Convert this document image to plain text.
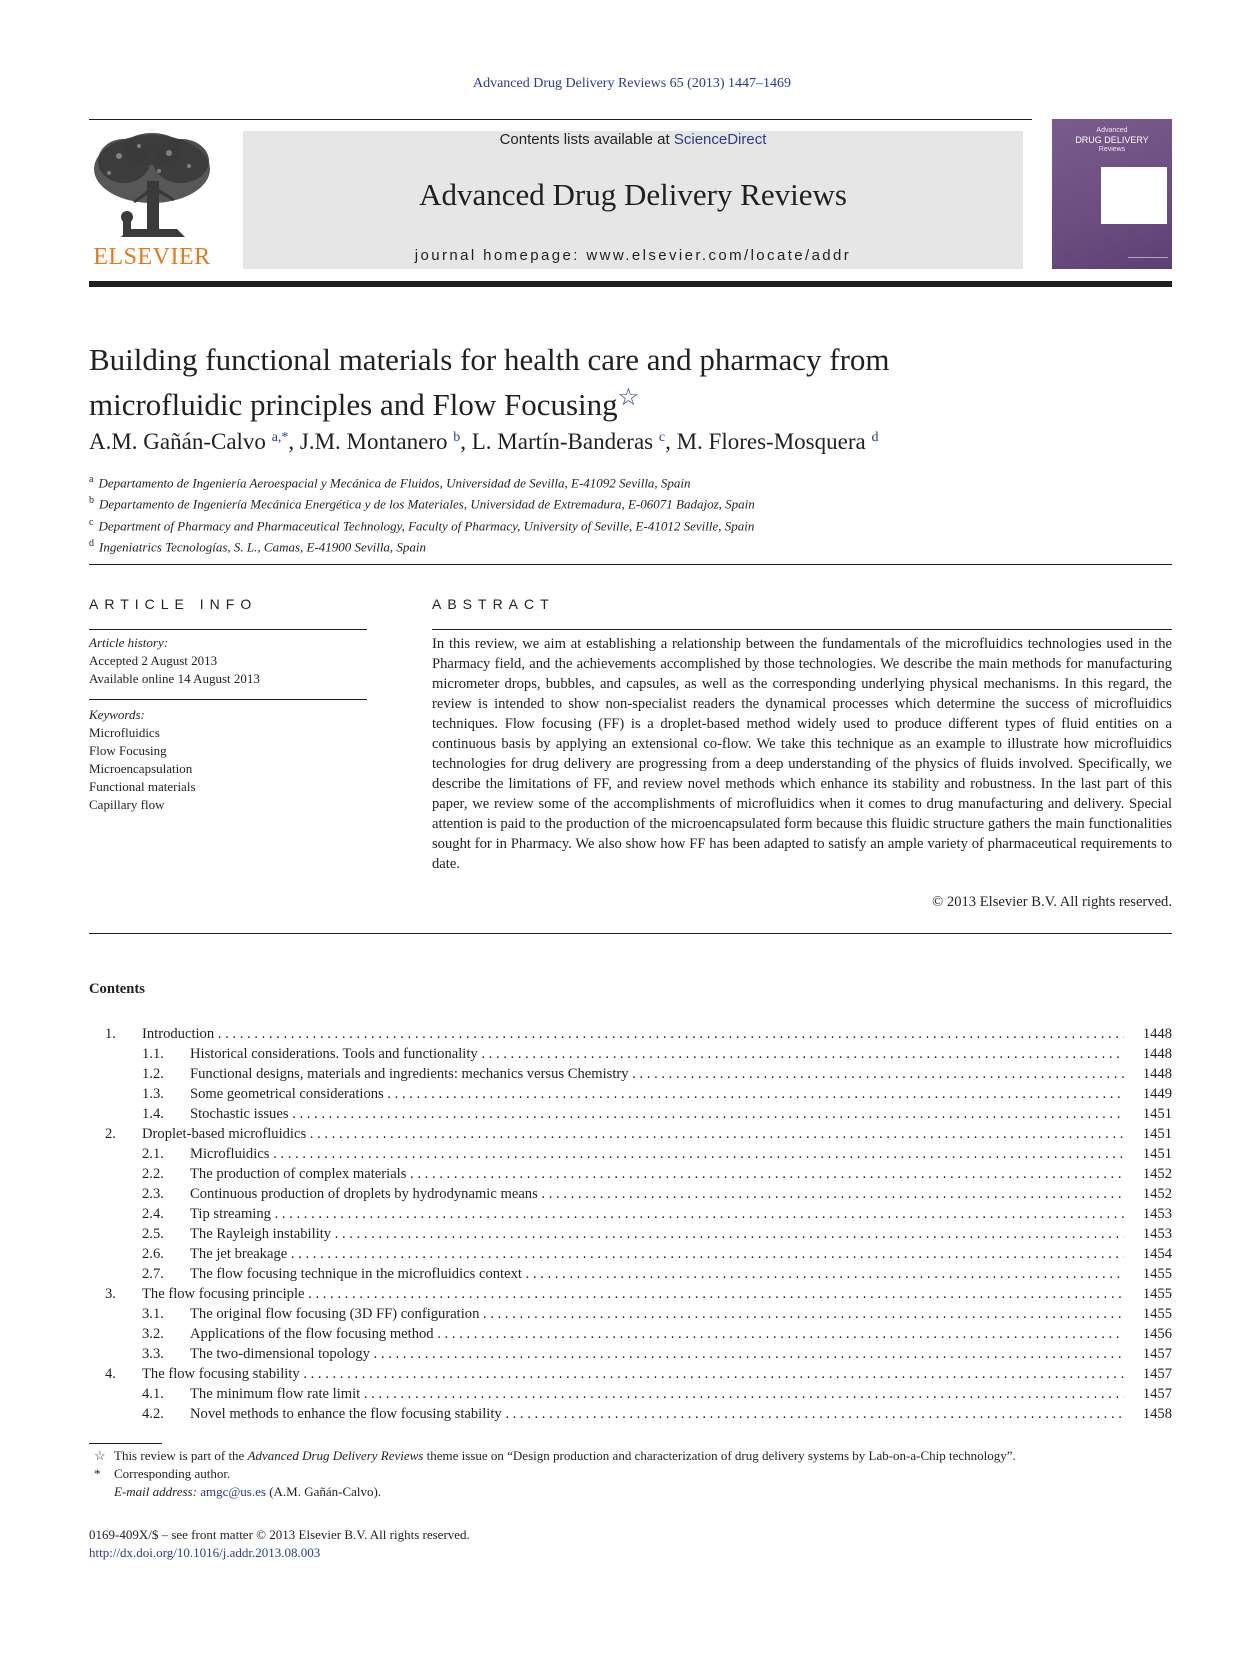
Advanced Drug Delivery Reviews 65 (2013) 1447–1469
ELSEVIER
Contents lists available at ScienceDirect
Advanced Drug Delivery Reviews
journal homepage: www.elsevier.com/locate/addr
Advanced
DRUG DELIVERY
Reviews
Building functional materials for health care and pharmacy from
microfluidic principles and Flow Focusing☆
A.M. Gañán-Calvo $^{a,*}$, J.M. Montanero $^b$, L. Martín-Banderas $^c$, M. Flores-Mosquera $^d$
$^a$ Departamento de Ingeniería Aeroespacial y Mecánica de Fluidos, Universidad de Sevilla, E-41092 Sevilla, Spain
$^b$ Departamento de Ingeniería Mecánica Energética y de los Materiales, Universidad de Extremadura, E-06071 Badajoz, Spain
$^c$ Department of Pharmacy and Pharmaceutical Technology, Faculty of Pharmacy, University of Seville, E-41012 Seville, Spain
$^d$ Ingeniatrics Tecnologías, S. L., Camas, E-41900 Sevilla, Spain
ARTICLE INFO
Article history:
Accepted 2 August 2013
Available online 14 August 2013
Keywords:
Microfluidics
Flow Focusing
Microencapsulation
Functional materials
Capillary flow
ABSTRACT
In this review, we aim at establishing a relationship between the fundamentals of the microfluidics technologies used in the Pharmacy field, and the achievements accomplished by those technologies. We describe the main methods for manufacturing micrometer drops, bubbles, and capsules, as well as the corresponding underlying physical mechanisms. In this regard, the review is intended to show non-specialist readers the dynamical processes which determine the success of microfluidics techniques. Flow focusing (FF) is a droplet-based method widely used to produce different types of fluid entities on a continuous basis by applying an extensional co-flow. We take this technique as an example to illustrate how microfluidics technologies for drug delivery are progressing from a deep understanding of the physics of fluids involved. Specifically, we describe the limitations of FF, and review novel methods which enhance its stability and robustness. In the last part of this paper, we review some of the accomplishments of microfluidics when it comes to drug manufacturing and delivery. Special attention is paid to the production of the microencapsulated form because this fluidic structure gathers the main functionalities sought for in Pharmacy. We also show how FF has been adapted to satisfy an ample variety of pharmaceutical requirements to date.
© 2013 Elsevier B.V. All rights reserved.
Contents
1. Introduction . . .	1448
1.1. Historical considerations. Tools and functionality . . .	1448
1.2. Functional designs, materials and ingredients: mechanics versus Chemistry . . .	1448
1.3. Some geometrical considerations . . .	1449
1.4. Stochastic issues . . .	1451
2. Droplet-based microfluidics . . .	1451
2.1. Microfluidics . . .	1451
2.2. The production of complex materials . . .	1452
2.3. Continuous production of droplets by hydrodynamic means . . .	1452
2.4. Tip streaming . . .	1453
2.5. The Rayleigh instability . . .	1453
2.6. The jet breakage . . .	1454
2.7. The flow focusing technique in the microfluidics context . . .	1455
3. The flow focusing principle . . .	1455
3.1. The original flow focusing (3D FF) configuration . . .	1455
3.2. Applications of the flow focusing method . . .	1456
3.3. The two-dimensional topology . . .	1457
4. The flow focusing stability . . .	1457
4.1. The minimum flow rate limit . . .	1457
4.2. Novel methods to enhance the flow focusing stability . . .	1458
☆ This review is part of the Advanced Drug Delivery Reviews theme issue on “Design production and characterization of drug delivery systems by Lab-on-a-Chip technology”.
* Corresponding author.
E-mail address: amgc@us.es (A.M. Gañán-Calvo).
0169-409X/$ – see front matter © 2013 Elsevier B.V. All rights reserved.
http://dx.doi.org/10.1016/j.addr.2013.08.003
